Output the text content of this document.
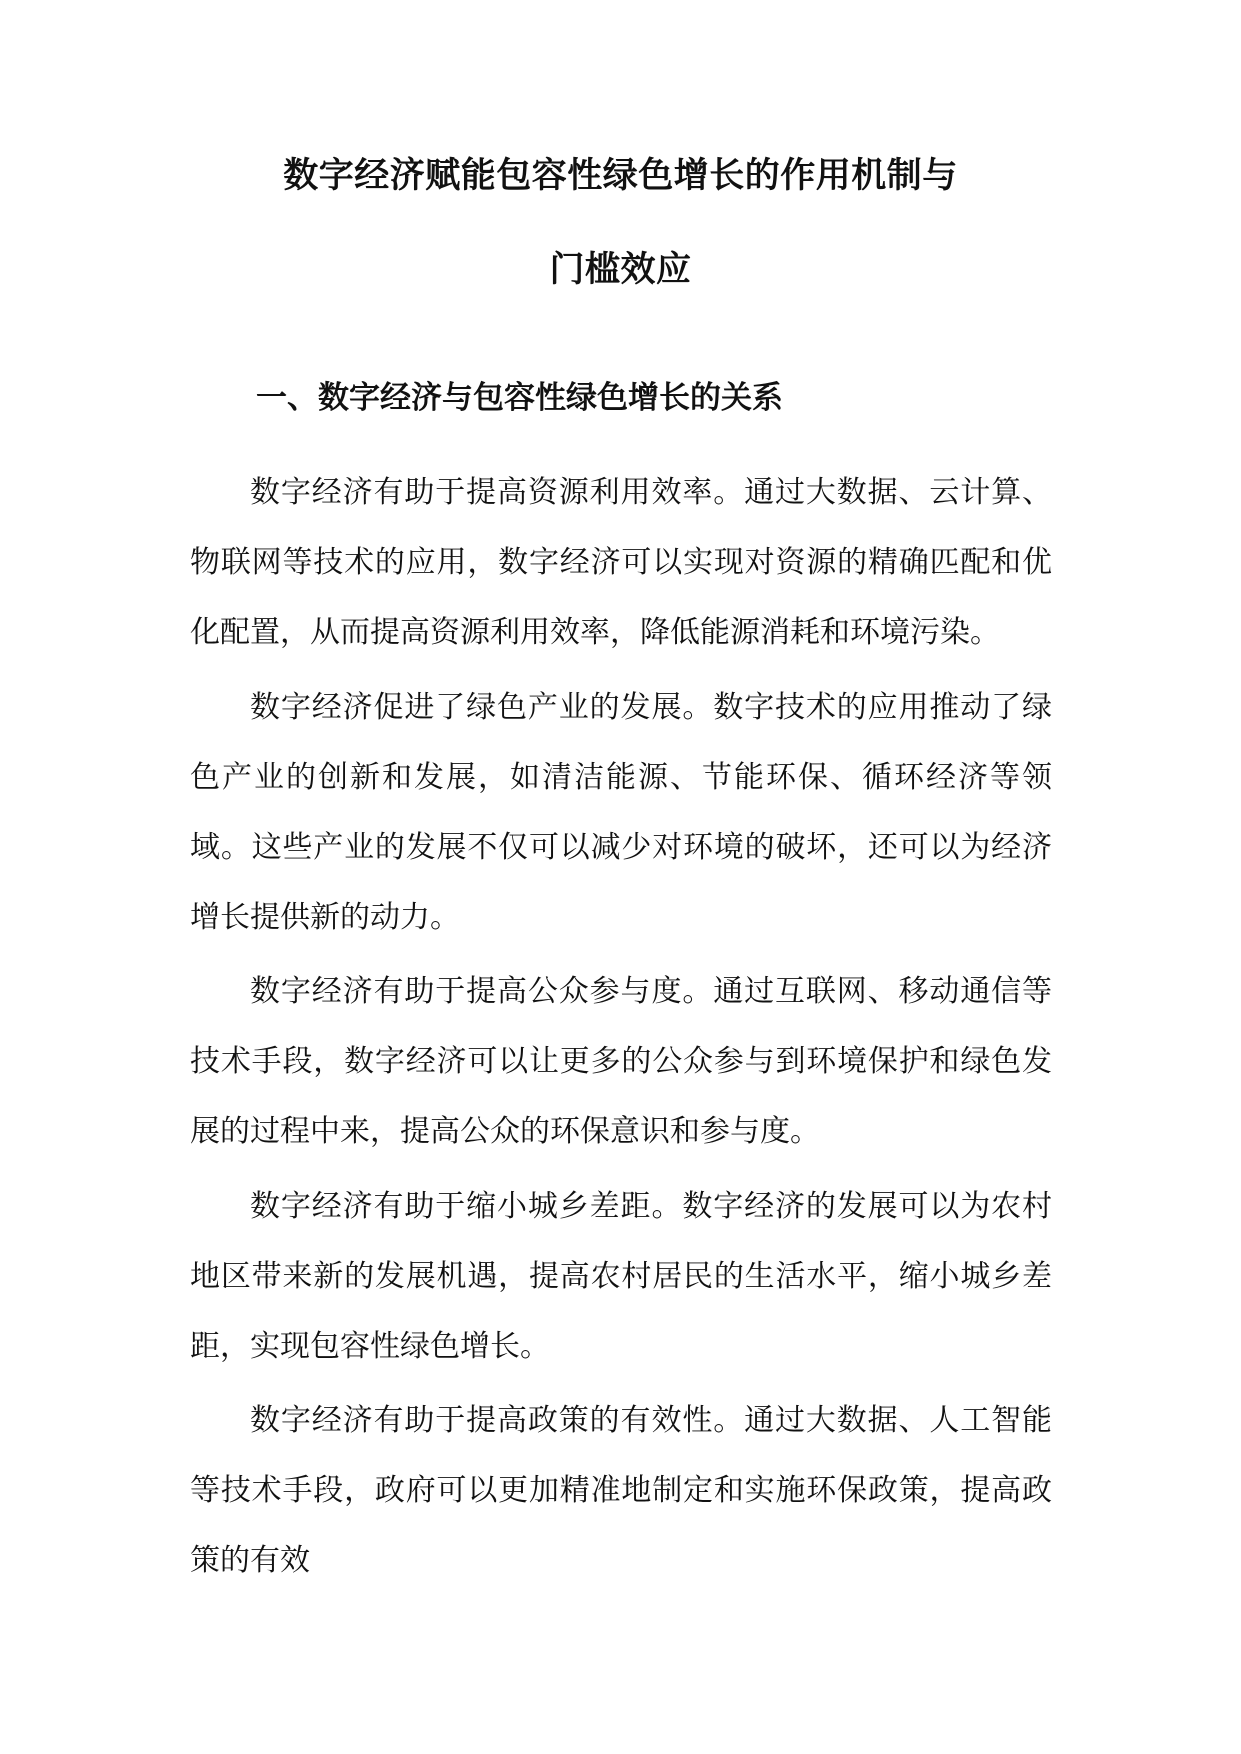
数字经济赋能包容性绿色增长的作用机制与
门槛效应
一、数字经济与包容性绿色增长的关系

数字经济有助于提高资源利用效率。通过大数据、云计算、物联网等技术的应用，数字经济可以实现对资源的精确匹配和优化配置，从而提高资源利用效率，降低能源消耗和环境污染。

数字经济促进了绿色产业的发展。数字技术的应用推动了绿色产业的创新和发展，如清洁能源、节能环保、循环经济等领域。这些产业的发展不仅可以减少对环境的破坏，还可以为经济增长提供新的动力。

数字经济有助于提高公众参与度。通过互联网、移动通信等技术手段，数字经济可以让更多的公众参与到环境保护和绿色发展的过程中来，提高公众的环保意识和参与度。

数字经济有助于缩小城乡差距。数字经济的发展可以为农村地区带来新的发展机遇，提高农村居民的生活水平，缩小城乡差距，实现包容性绿色增长。

数字经济有助于提高政策的有效性。通过大数据、人工智能等技术手段，政府可以更加精准地制定和实施环保政策，提高政策的有效
